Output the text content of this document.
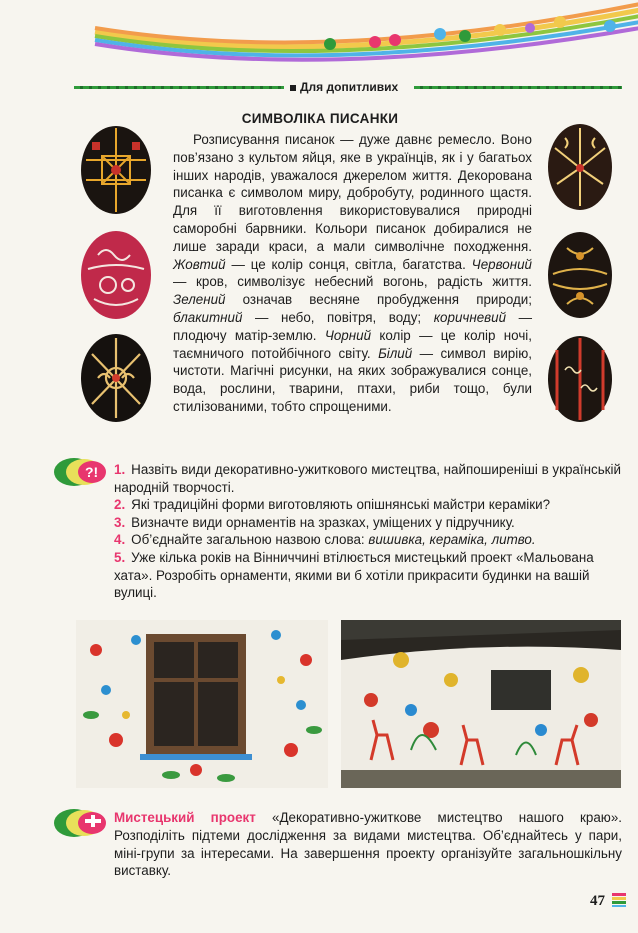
Для допитливих
СИМВОЛІКА ПИСАНКИ
Розписування писанок — дуже давнє ремесло. Воно пов’язано з культом яйця, яке в українців, як і у багатьох інших народів, уважалося джерелом життя. Декорована писанка є символом миру, добробуту, родинного щастя. Для її виготовлення використовувалися природні саморобні барвники. Кольори писанок добиралися не лише заради краси, а мали символічне походження. Жовтий — це колір сонця, світла, багатства. Червоний — кров, символізує небесний вогонь, радість життя. Зелений означав весняне пробудження природи; блакитний — небо, повітря, воду; коричневий — плодючу матір-землю. Чорний колір — це колір ночі, таємничого потойбічного світу. Білий — символ вирію, чистоти. Магічні рисунки, на яких зображувалися сонце, вода, рослини, тварини, птахи, риби тощо, були стилізованими, тобто спрощеними.
?! 1. Назвіть види декоративно-ужиткового мистецтва, найпоширеніші в українській народній творчості.

2. Які традиційні форми виготовляють опішнянські майстри кераміки?

3. Визначте види орнаментів на зразках, уміщених у підручнику.

4. Об’єднайте загальною назвою слова: вишивка, кераміка, литво.

5. Уже кілька років на Вінниччині втілюється мистецький проект «Мальована хата». Розробіть орнаменти, якими ви б хотіли прикрасити будинки на вашій вулиці.

Мистецький проект «Декоративно-ужиткове мистецтво нашого краю». Розподіліть підтеми дослідження за видами мистецтва. Об’єднайтесь у пари, міні-групи за інтересами. На завершення проекту організуйте загальношкільну виставку.
47
